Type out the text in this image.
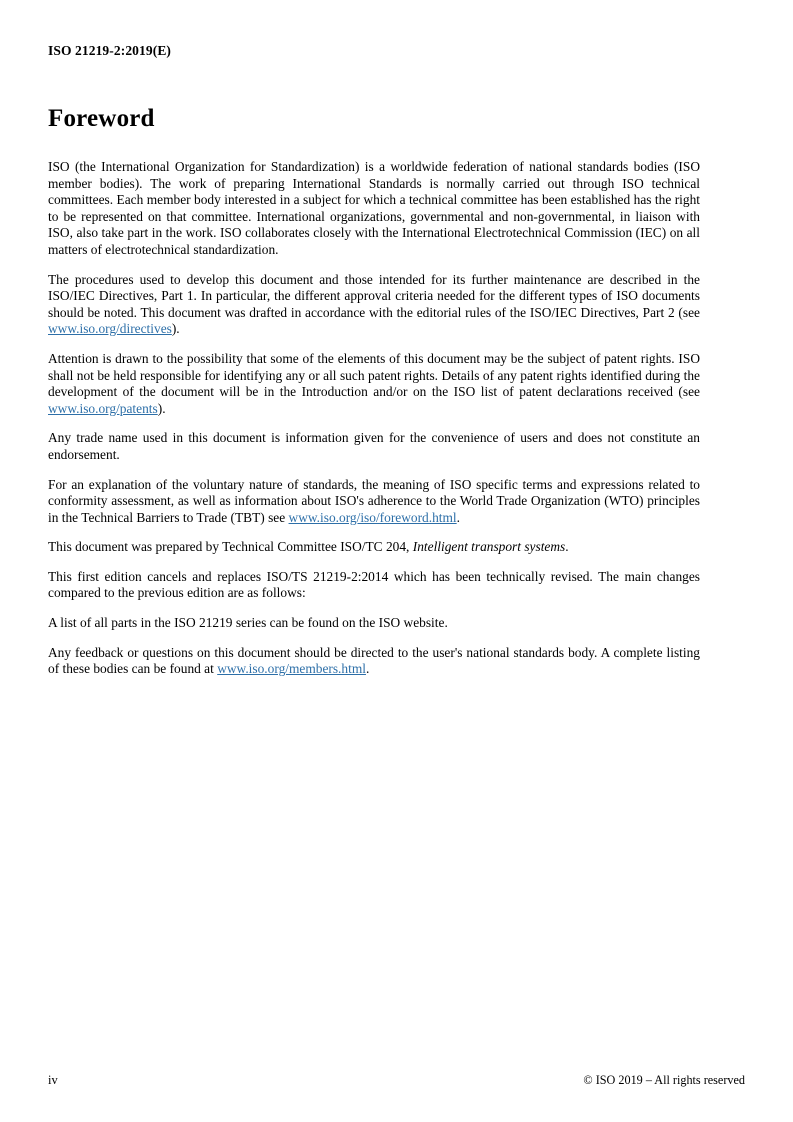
ISO 21219-2:2019(E)
Foreword

ISO (the International Organization for Standardization) is a worldwide federation of national standards bodies (ISO member bodies). The work of preparing International Standards is normally carried out through ISO technical committees. Each member body interested in a subject for which a technical committee has been established has the right to be represented on that committee. International organizations, governmental and non-governmental, in liaison with ISO, also take part in the work. ISO collaborates closely with the International Electrotechnical Commission (IEC) on all matters of electrotechnical standardization.

The procedures used to develop this document and those intended for its further maintenance are described in the ISO/IEC Directives, Part 1. In particular, the different approval criteria needed for the different types of ISO documents should be noted. This document was drafted in accordance with the editorial rules of the ISO/IEC Directives, Part 2 (see www.iso.org/directives).

Attention is drawn to the possibility that some of the elements of this document may be the subject of patent rights. ISO shall not be held responsible for identifying any or all such patent rights. Details of any patent rights identified during the development of the document will be in the Introduction and/or on the ISO list of patent declarations received (see www.iso.org/patents).

Any trade name used in this document is information given for the convenience of users and does not constitute an endorsement.

For an explanation of the voluntary nature of standards, the meaning of ISO specific terms and expressions related to conformity assessment, as well as information about ISO's adherence to the World Trade Organization (WTO) principles in the Technical Barriers to Trade (TBT) see www.iso.org/iso/foreword.html.

This document was prepared by Technical Committee ISO/TC 204, Intelligent transport systems.

This first edition cancels and replaces ISO/TS 21219-2:2014 which has been technically revised. The main changes compared to the previous edition are as follows:

A list of all parts in the ISO 21219 series can be found on the ISO website.

Any feedback or questions on this document should be directed to the user's national standards body. A complete listing of these bodies can be found at www.iso.org/members.html.

iv	© ISO 2019 – All rights reserved
